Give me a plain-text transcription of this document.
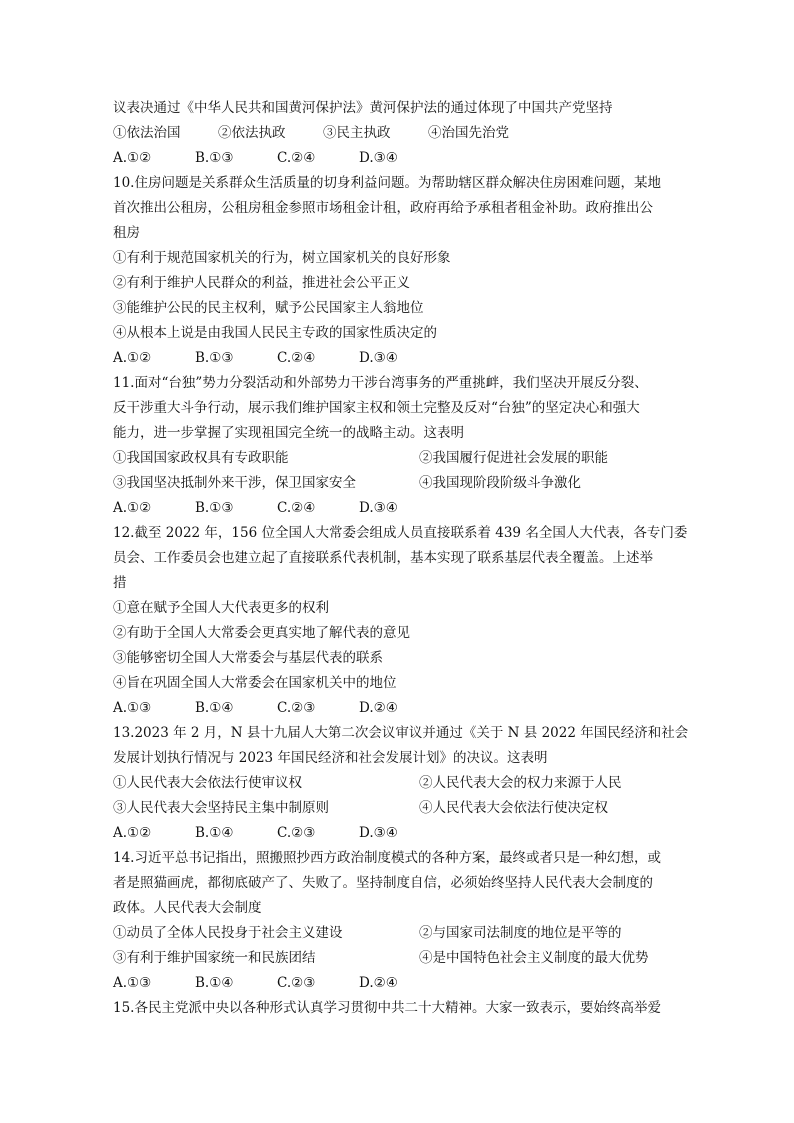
议表决通过《中华人民共和国黄河保护法》黄河保护法的通过体现了中国共产党坚持
①依法治国	②依法执政	③民主执政	④治国先治党
A.①②	B.①③	C.②④	D.③④
10.住房问题是关系群众生活质量的切身利益问题。为帮助辖区群众解决住房困难问题，某地
首次推出公租房，公租房租金参照市场租金计租，政府再给予承租者租金补助。政府推出公
租房
①有利于规范国家机关的行为，树立国家机关的良好形象
②有利于维护人民群众的利益，推进社会公平正义
③能维护公民的民主权利，赋予公民国家主人翁地位
④从根本上说是由我国人民民主专政的国家性质决定的
A.①②	B.①③	C.②④	D.③④
11.面对“台独”势力分裂活动和外部势力干涉台湾事务的严重挑衅，我们坚决开展反分裂、
反干涉重大斗争行动，展示我们维护国家主权和领土完整及反对“台独”的坚定决心和强大
能力，进一步掌握了实现祖国完全统一的战略主动。这表明
①我国国家政权具有专政职能	②我国履行促进社会发展的职能
③我国坚决抵制外来干涉，保卫国家安全	④我国现阶段阶级斗争激化
A.①②	B.①③	C.②④	D.③④
12.截至 2022 年，156 位全国人大常委会组成人员直接联系着 439 名全国人大代表，各专门委
员会、工作委员会也建立起了直接联系代表机制，基本实现了联系基层代表全覆盖。上述举
措
①意在赋予全国人大代表更多的权利
②有助于全国人大常委会更真实地了解代表的意见
③能够密切全国人大常委会与基层代表的联系
④旨在巩固全国人大常委会在国家机关中的地位
A.①③	B.①④	C.②③	D.②④
13.2023 年 2 月，N 县十九届人大第二次会议审议并通过《关于 N 县 2022 年国民经济和社会
发展计划执行情况与 2023 年国民经济和社会发展计划》的决议。这表明
①人民代表大会依法行使审议权	②人民代表大会的权力来源于人民
③人民代表大会坚持民主集中制原则	④人民代表大会依法行使决定权
A.①②	B.①④	C.②③	D.③④
14.习近平总书记指出，照搬照抄西方政治制度模式的各种方案，最终或者只是一种幻想，或
者是照猫画虎，都彻底破产了、失败了。坚持制度自信，必须始终坚持人民代表大会制度的
政体。人民代表大会制度
①动员了全体人民投身于社会主义建设	②与国家司法制度的地位是平等的
③有利于维护国家统一和民族团结	④是中国特色社会主义制度的最大优势
A.①③	B.①④	C.②③	D.②④
15.各民主党派中央以各种形式认真学习贯彻中共二十大精神。大家一致表示，要始终高举爱
